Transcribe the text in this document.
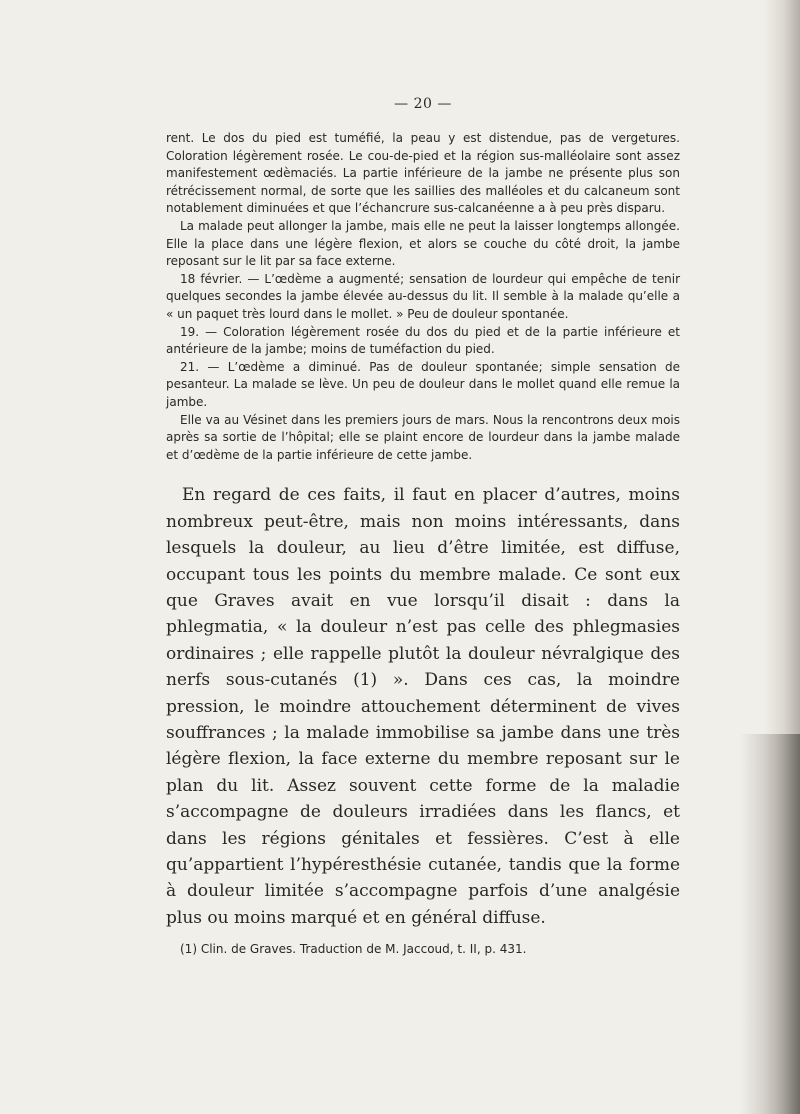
— 20 —

rent. Le dos du pied est tuméfié, la peau y est distendue, pas de vergetures. Coloration légèrement rosée. Le cou-de-pied et la région sus-malléolaire sont assez manifestement œdèmaciés. La partie inférieure de la jambe ne présente plus son rétrécissement normal, de sorte que les saillies des malléoles et du calcaneum sont notablement diminuées et que l’échancrure sus-calcanéenne a à peu près disparu.

La malade peut allonger la jambe, mais elle ne peut la laisser longtemps allongée. Elle la place dans une légère flexion, et alors se couche du côté droit, la jambe reposant sur le lit par sa face externe.

18 février. — L’œdème a augmenté; sensation de lourdeur qui empêche de tenir quelques secondes la jambe élevée au-dessus du lit. Il semble à la malade qu’elle a « un paquet très lourd dans le mollet. » Peu de douleur spontanée.

19. — Coloration légèrement rosée du dos du pied et de la partie inférieure et antérieure de la jambe; moins de tuméfaction du pied.

21. — L’œdème a diminué. Pas de douleur spontanée; simple sensation de pesanteur. La malade se lève. Un peu de douleur dans le mollet quand elle remue la jambe.

Elle va au Vésinet dans les premiers jours de mars. Nous la rencontrons deux mois après sa sortie de l’hôpital; elle se plaint encore de lourdeur dans la jambe malade et d’œdème de la partie inférieure de cette jambe.

En regard de ces faits, il faut en placer d’autres, moins nombreux peut-être, mais non moins intéressants, dans lesquels la douleur, au lieu d’être limitée, est diffuse, occupant tous les points du membre malade. Ce sont eux que Graves avait en vue lorsqu’il disait : dans la phlegmatia, « la douleur n’est pas celle des phlegmasies ordinaires ; elle rappelle plutôt la douleur névralgique des nerfs sous-cutanés (1) ». Dans ces cas, la moindre pression, le moindre attouchement déterminent de vives souffrances ; la malade immobilise sa jambe dans une très légère flexion, la face externe du membre reposant sur le plan du lit. Assez souvent cette forme de la maladie s’accompagne de douleurs irradiées dans les flancs, et dans les régions génitales et fessières. C’est à elle qu’appartient l’hypéresthésie cutanée, tandis que la forme à douleur limitée s’accompagne parfois d’une analgésie plus ou moins marqué et en général diffuse.

(1) Clin. de Graves. Traduction de M. Jaccoud, t. II, p. 431.
